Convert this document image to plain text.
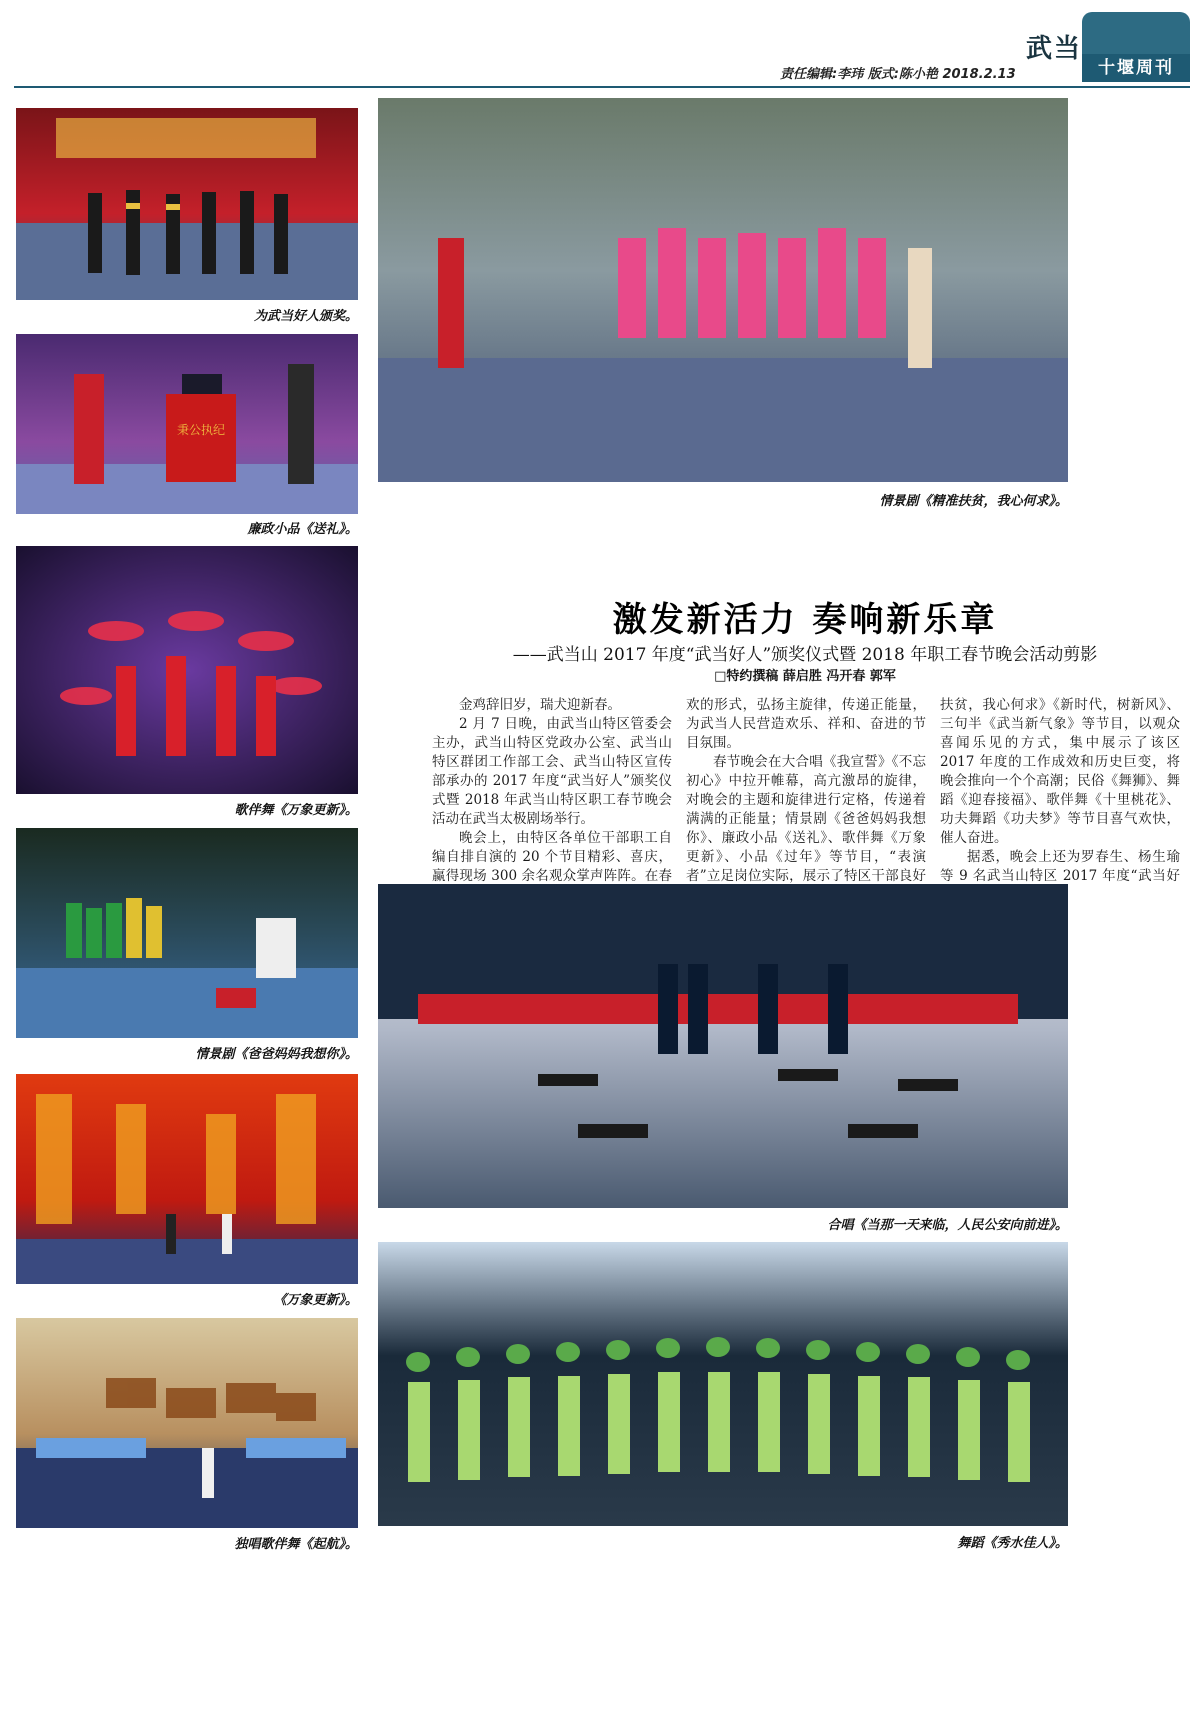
武当
十堰周刊
责任编辑:李玮 版式:陈小艳 2018.2.13
为武当好人颁奖。
秉公执纪
廉政小品《送礼》。
歌伴舞《万象更新》。
情景剧《爸爸妈妈我想你》。
《万象更新》。
独唱歌伴舞《起航》。
情景剧《精准扶贫，我心何求》。
激发新活力 奏响新乐章
——武当山 2017 年度“武当好人”颁奖仪式暨 2018 年职工春节晚会活动剪影
□特约撰稿 薛启胜 冯开春 郭军

金鸡辞旧岁，瑞犬迎新春。

2 月 7 日晚，由武当山特区管委会主办，武当山特区党政办公室、武当山特区群团工作部工会、武当山特区宣传部承办的 2017 年度“武当好人”颁奖仪式暨 2018 年武当山特区职工春节晚会活动在武当太极剧场举行。

晚会上，由特区各单位干部职工自编自排自演的 20 个节目精彩、喜庆，赢得现场 300 余名观众掌声阵阵。在春

欢的形式，弘扬主旋律，传递正能量，为武当人民营造欢乐、祥和、奋进的节目氛围。

春节晚会在大合唱《我宣誓》《不忘初心》中拉开帷幕，高亢激昂的旋律，对晚会的主题和旋律进行定格，传递着满满的正能量；情景剧《爸爸妈妈我想你》、廉政小品《送礼》、歌伴舞《万象更新》、小品《过年》等节目，“表演者”立足岗位实际，展示了特区干部良好

扶贫，我心何求》《新时代，树新风》、三句半《武当新气象》等节目，以观众喜闻乐见的方式，集中展示了该区 2017 年度的工作成效和历史巨变，将晚会推向一个个高潮；民俗《舞狮》、舞蹈《迎春接福》、歌伴舞《十里桃花》、功夫舞蹈《功夫梦》等节目喜气欢快，催人奋进。

据悉，晚会上还为罗春生、杨生瑜等 9 名武当山特区 2017 年度“武当好

合唱《当那一天来临，人民公安向前进》。
舞蹈《秀水佳人》。
